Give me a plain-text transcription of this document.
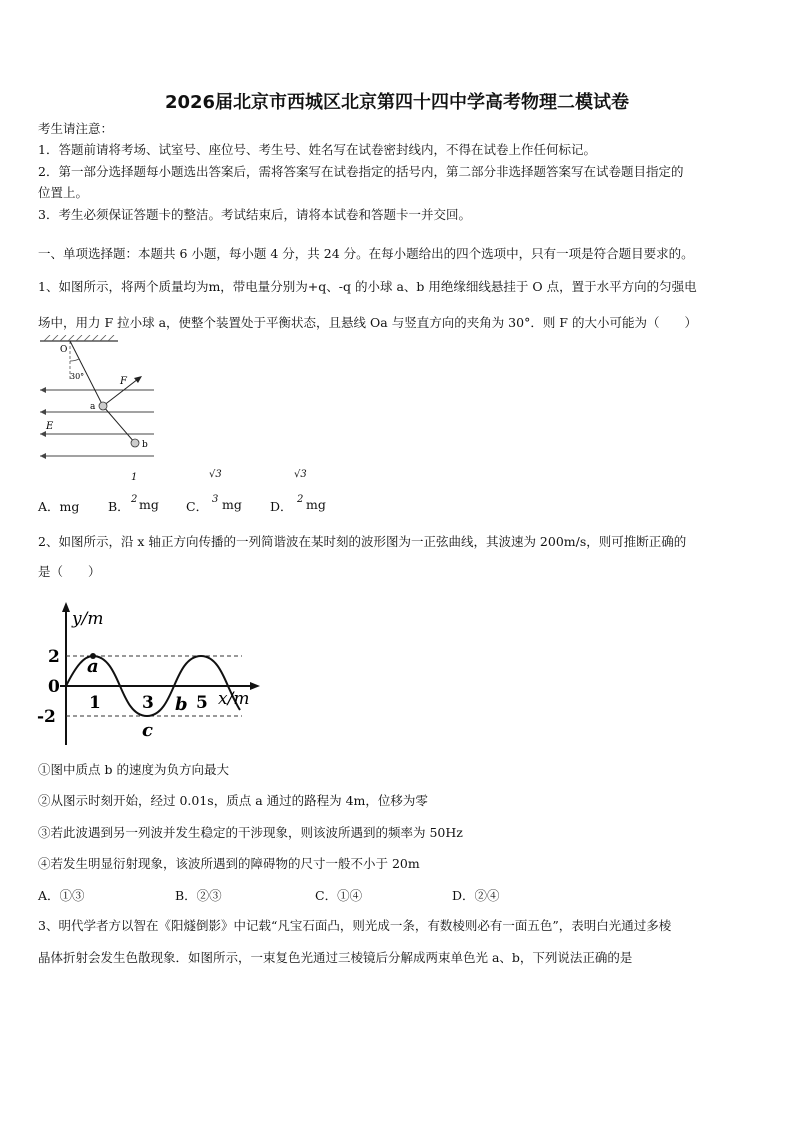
2026届北京市西城区北京第四十四中学高考物理二模试卷
考生请注意：
1．答题前请将考场、试室号、座位号、考生号、姓名写在试卷密封线内，不得在试卷上作任何标记。
2．第一部分选择题每小题选出答案后，需将答案写在试卷指定的括号内，第二部分非选择题答案写在试卷题目指定的
位置上。
3．考生必须保证答题卡的整洁。考试结束后，请将本试卷和答题卡一并交回。
一、单项选择题：本题共 6 小题，每小题 4 分，共 24 分。在每小题给出的四个选项中，只有一项是符合题目要求的。
1、如图所示，将两个质量均为m，带电量分别为+q、-q 的小球 a、b 用绝缘细线悬挂于 O 点，置于水平方向的匀强电
场中，用力 F 拉小球 a，使整个装置处于平衡状态，且悬线 Oa 与竖直方向的夹角为 30°．则 F 的大小可能为（　　）
O
30°	F
a
b
E
A．mg B．
1
2 mg C．
√3
3 mg D．
√3
2 mg
2、如图所示，沿 x 轴正方向传播的一列简谐波在某时刻的波形图为一正弦曲线，其波速为 200m/s，则可推断正确的
是（　　）
y/m
x/m
2
0
-2
1 3 5
a
b
c
①图中质点 b 的速度为负方向最大
②从图示时刻开始，经过 0.01s，质点 a 通过的路程为 4m，位移为零
③若此波遇到另一列波并发生稳定的干涉现象，则该波所遇到的频率为 50Hz
④若发生明显衍射现象，该波所遇到的障碍物的尺寸一般不小于 20m
A．①③	B．②③	C．①④	D．②④
3、明代学者方以智在《阳燧倒影》中记载“凡宝石面凸，则光成一条，有数棱则必有一面五色”，表明白光通过多棱
晶体折射会发生色散现象．如图所示，一束复色光通过三棱镜后分解成两束单色光 a、b，下列说法正确的是
